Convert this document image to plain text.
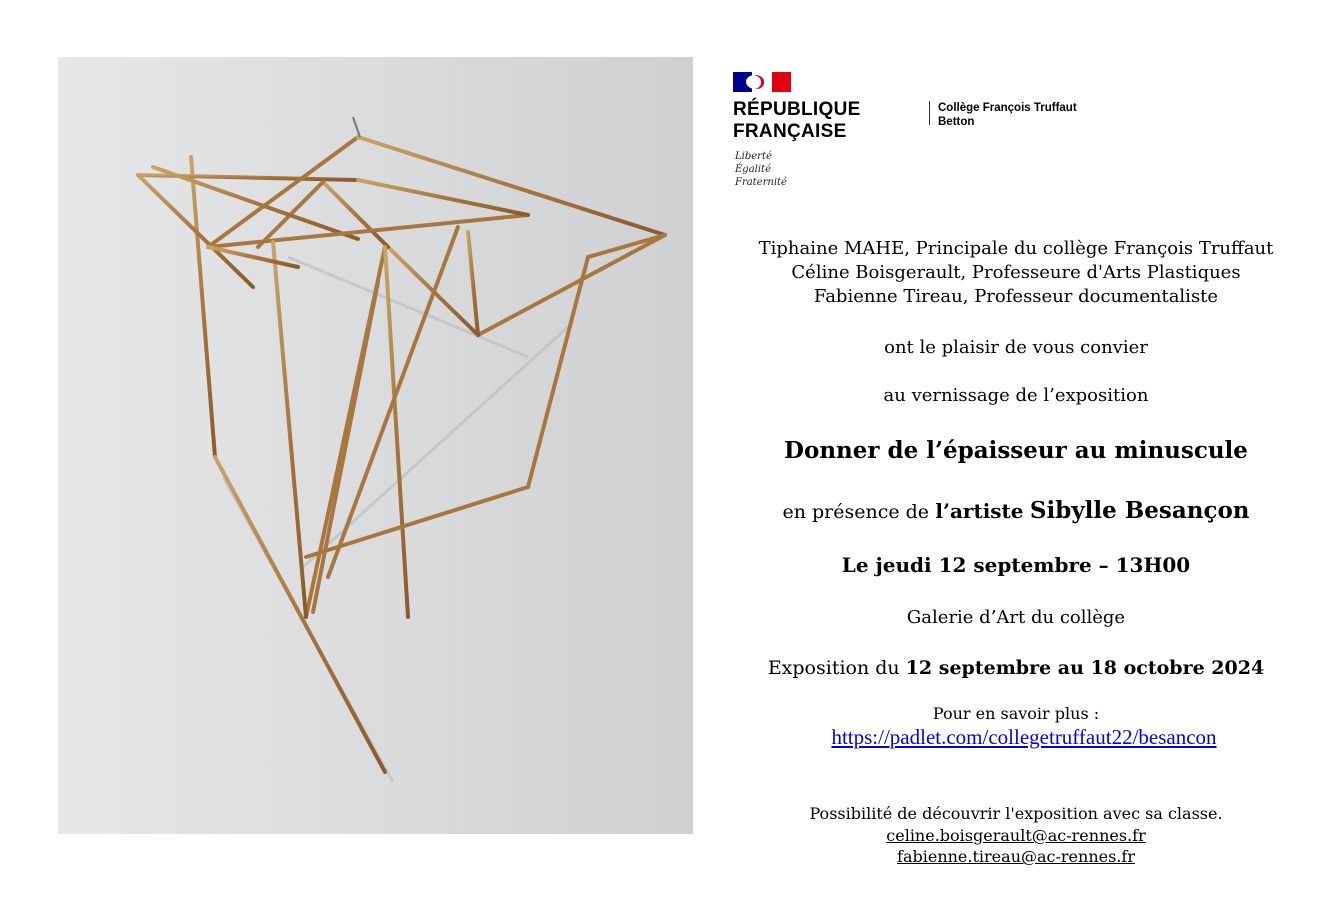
RÉPUBLIQUE
FRANÇAISE
Liberté
Égalité
Fraternité
Collège François Truffaut
Betton
Tiphaine MAHE, Principale du collège François Truffaut
Céline Boisgerault, Professeure d'Arts Plastiques
Fabienne Tireau, Professeur documentaliste
ont le plaisir de vous convier
au vernissage de l’exposition
Donner de l’épaisseur au minuscule
en présence de l’artiste Sibylle Besançon
Le jeudi 12 septembre – 13H00
Galerie d’Art du collège
Exposition du 12 septembre au 18 octobre 2024
Pour en savoir plus :
https://padlet.com/collegetruffaut22/besancon
Possibilité de découvrir l'exposition avec sa classe.
celine.boisgerault@ac-rennes.fr
fabienne.tireau@ac-rennes.fr
